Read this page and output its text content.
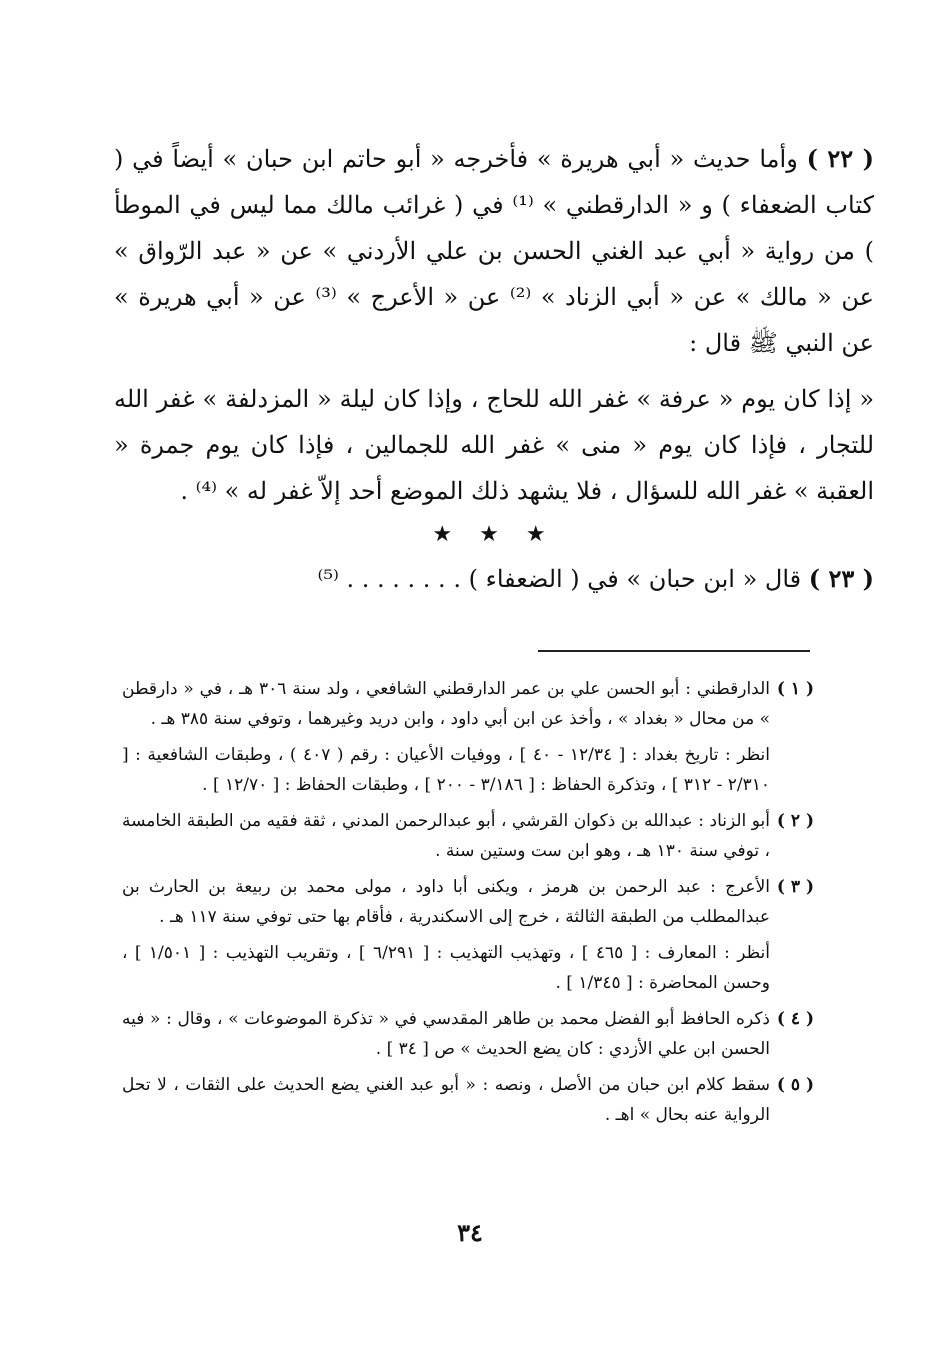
( ٢٢ ) وأما حديث « أبي هريرة » فأخرجه « أبو حاتم ابن حبان » أيضاً في ( كتاب الضعفاء ) و « الدارقطني » ⁽¹⁾ في ( غرائب مالك مما ليس في الموطأ ) من رواية « أبي عبد الغني الحسن بن علي الأردني » عن « عبد الرّواق » عن « مالك » عن « أبي الزناد » ⁽²⁾ عن « الأعرج » ⁽³⁾ عن « أبي هريرة » عن النبي ﷺ قال :

« إذا كان يوم « عرفة » غفر الله للحاج ، وإذا كان ليلة « المزدلفة » غفر الله للتجار ، فإذا كان يوم « منى » غفر الله للجمالين ، فإذا كان يوم جمرة « العقبة » غفر الله للسؤال ، فلا يشهد ذلك الموضع أحد إلاّ غفر له » ⁽⁴⁾ .

★ ★ ★

( ٢٣ ) قال « ابن حبان » في ( الضعفاء ) . . . . . . . . ⁽⁵⁾

( ١ )
الدارقطني : أبو الحسن علي بن عمر الدارقطني الشافعي ، ولد سنة ٣٠٦ هـ ، في « دارقطن » من محال « بغداد » ، وأخذ عن ابن أبي داود ، وابن دريد وغيرهما ، وتوفي سنة ٣٨٥ هـ .
انظر : تاريخ بغداد : [ ١٢/٣٤ - ٤٠ ] ، ووفيات الأعيان : رقم ( ٤٠٧ ) ، وطبقات الشافعية : [ ٢/٣١٠ - ٣١٢ ] ، وتذكرة الحفاظ : [ ٣/١٨٦ - ٢٠٠ ] ، وطبقات الحفاظ : [ ١٢/٧٠ ] .
( ٢ )
أبو الزناد : عبدالله بن ذكوان القرشي ، أبو عبدالرحمن المدني ، ثقة فقيه من الطبقة الخامسة ، توفي سنة ١٣٠ هـ ، وهو ابن ست وستين سنة .
( ٣ )
الأعرج : عبد الرحمن بن هرمز ، ويكنى أبا داود ، مولى محمد بن ربيعة بن الحارث بن عبدالمطلب من الطبقة الثالثة ، خرج إلى الاسكندرية ، فأقام بها حتى توفي سنة ١١٧ هـ .
أنظر : المعارف : [ ٤٦٥ ] ، وتهذيب التهذيب : [ ٦/٢٩١ ] ، وتقريب التهذيب : [ ١/٥٠١ ] ، وحسن المحاضرة : [ ١/٣٤٥ ] .
( ٤ )
ذكره الحافظ أبو الفضل محمد بن طاهر المقدسي في « تذكرة الموضوعات » ، وقال : « فيه الحسن ابن علي الأزدي : كان يضع الحديث » ص [ ٣٤ ] .
( ٥ )
سقط كلام ابن حبان من الأصل ، ونصه : « أبو عبد الغني يضع الحديث على الثقات ، لا تحل الرواية عنه بحال » اهـ .
٣٤
